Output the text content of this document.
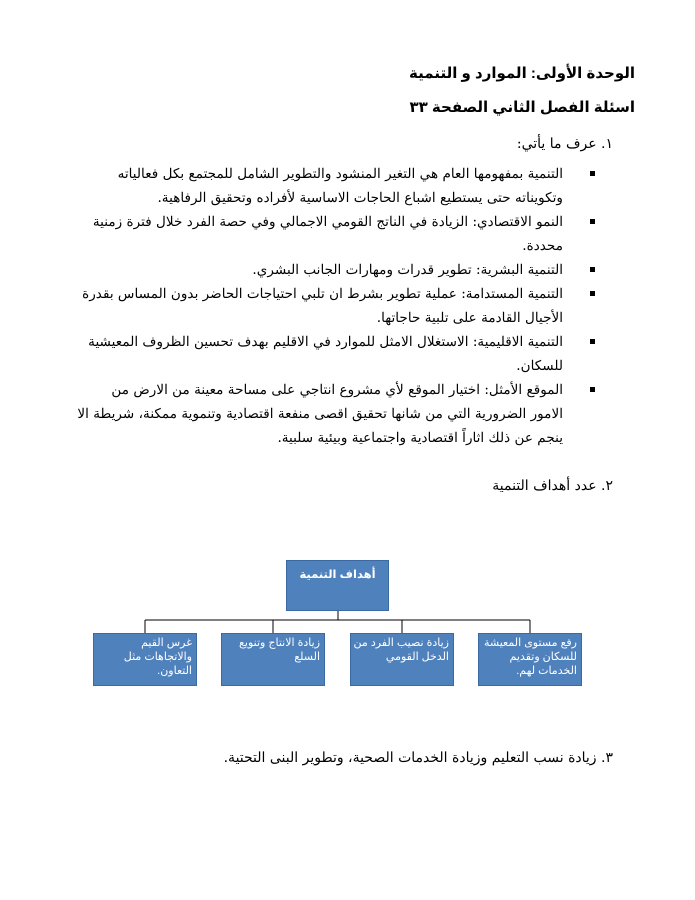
الوحدة الأولى: الموارد و التنمية
اسئلة الفصل الثاني الصفحة ٣٣
١. عرف ما يأتي:
التنمية بمفهومها العام هي التغير المنشود والتطوير الشامل للمجتمع بكل فعالياته وتكويناته حتى يستطيع اشباع الحاجات الاساسية لأفراده وتحقيق الرفاهية.
النمو الاقتصادي: الزيادة في الناتج القومي الاجمالي وفي حصة الفرد خلال فترة زمنية محددة.
التنمية البشرية: تطوير قدرات ومهارات الجانب البشري.
التنمية المستدامة: عملية تطوير بشرط ان تلبي احتياجات الحاضر بدون المساس بقدرة الأجيال القادمة على تلبية حاجاتها.
التنمية الاقليمية: الاستغلال الامثل للموارد في الاقليم بهدف تحسين الظروف المعيشية للسكان.
الموقع الأمثل: اختيار الموقع لأي مشروع انتاجي على مساحة معينة من الارض من الامور الضرورية التي من شانها تحقيق اقصى منفعة اقتصادية وتنموية ممكنة، شريطة الا ينجم عن ذلك اثاراً اقتصادية واجتماعية وبيئية سلبية.
٢. عدد أهداف التنمية
٣. زيادة نسب التعليم وزيادة الخدمات الصحية، وتطوير البنى التحتية.
أهداف التنمية
رفع مستوى المعيشة للسكان وتقديم الخدمات لهم.
زيادة نصيب الفرد من الدخل القومي
زيادة الانتاج وتنويع السلع
غرس القيم والاتجاهات مثل التعاون.
